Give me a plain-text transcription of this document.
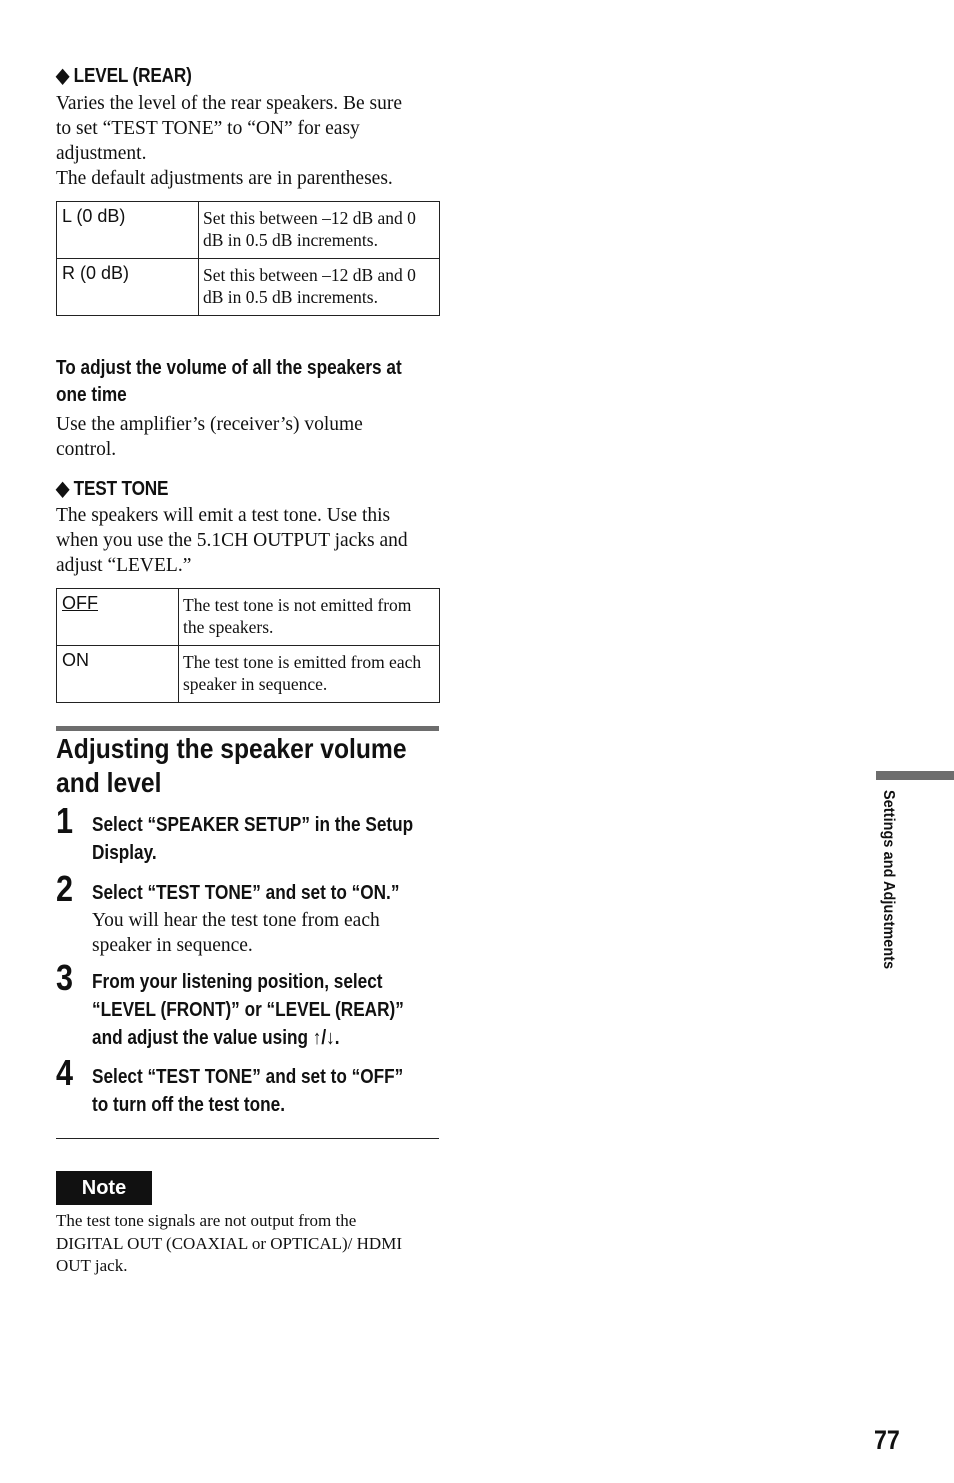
◆ LEVEL (REAR)
Varies the level of the rear speakers. Be sure
to set “TEST TONE” to “ON” for easy
adjustment.
The default adjustments are in parentheses.
L (0 dB)	Set this between –12 dB and 0 dB in 0.5 dB increments.
R (0 dB)	Set this between –12 dB and 0 dB in 0.5 dB increments.
To adjust the volume of all the speakers at
one time
Use the amplifier’s (receiver’s) volume
control.
◆ TEST TONE
The speakers will emit a test tone. Use this
when you use the 5.1CH OUTPUT jacks and
adjust “LEVEL.”
OFF	The test tone is not emitted from the speakers.
ON	The test tone is emitted from each speaker in sequence.
Adjusting the speaker volume
and level
1 Select “SPEAKER SETUP” in the Setup
Display.
2 Select “TEST TONE” and set to “ON.”
You will hear the test tone from each
speaker in sequence.
3 From your listening position, select
“LEVEL (FRONT)” or “LEVEL (REAR)”
and adjust the value using ↑/↓.
4 Select “TEST TONE” and set to “OFF”
to turn off the test tone.
Note
The test tone signals are not output from the
DIGITAL OUT (COAXIAL or OPTICAL)/ HDMI
OUT jack.
Settings and Adjustments
77
